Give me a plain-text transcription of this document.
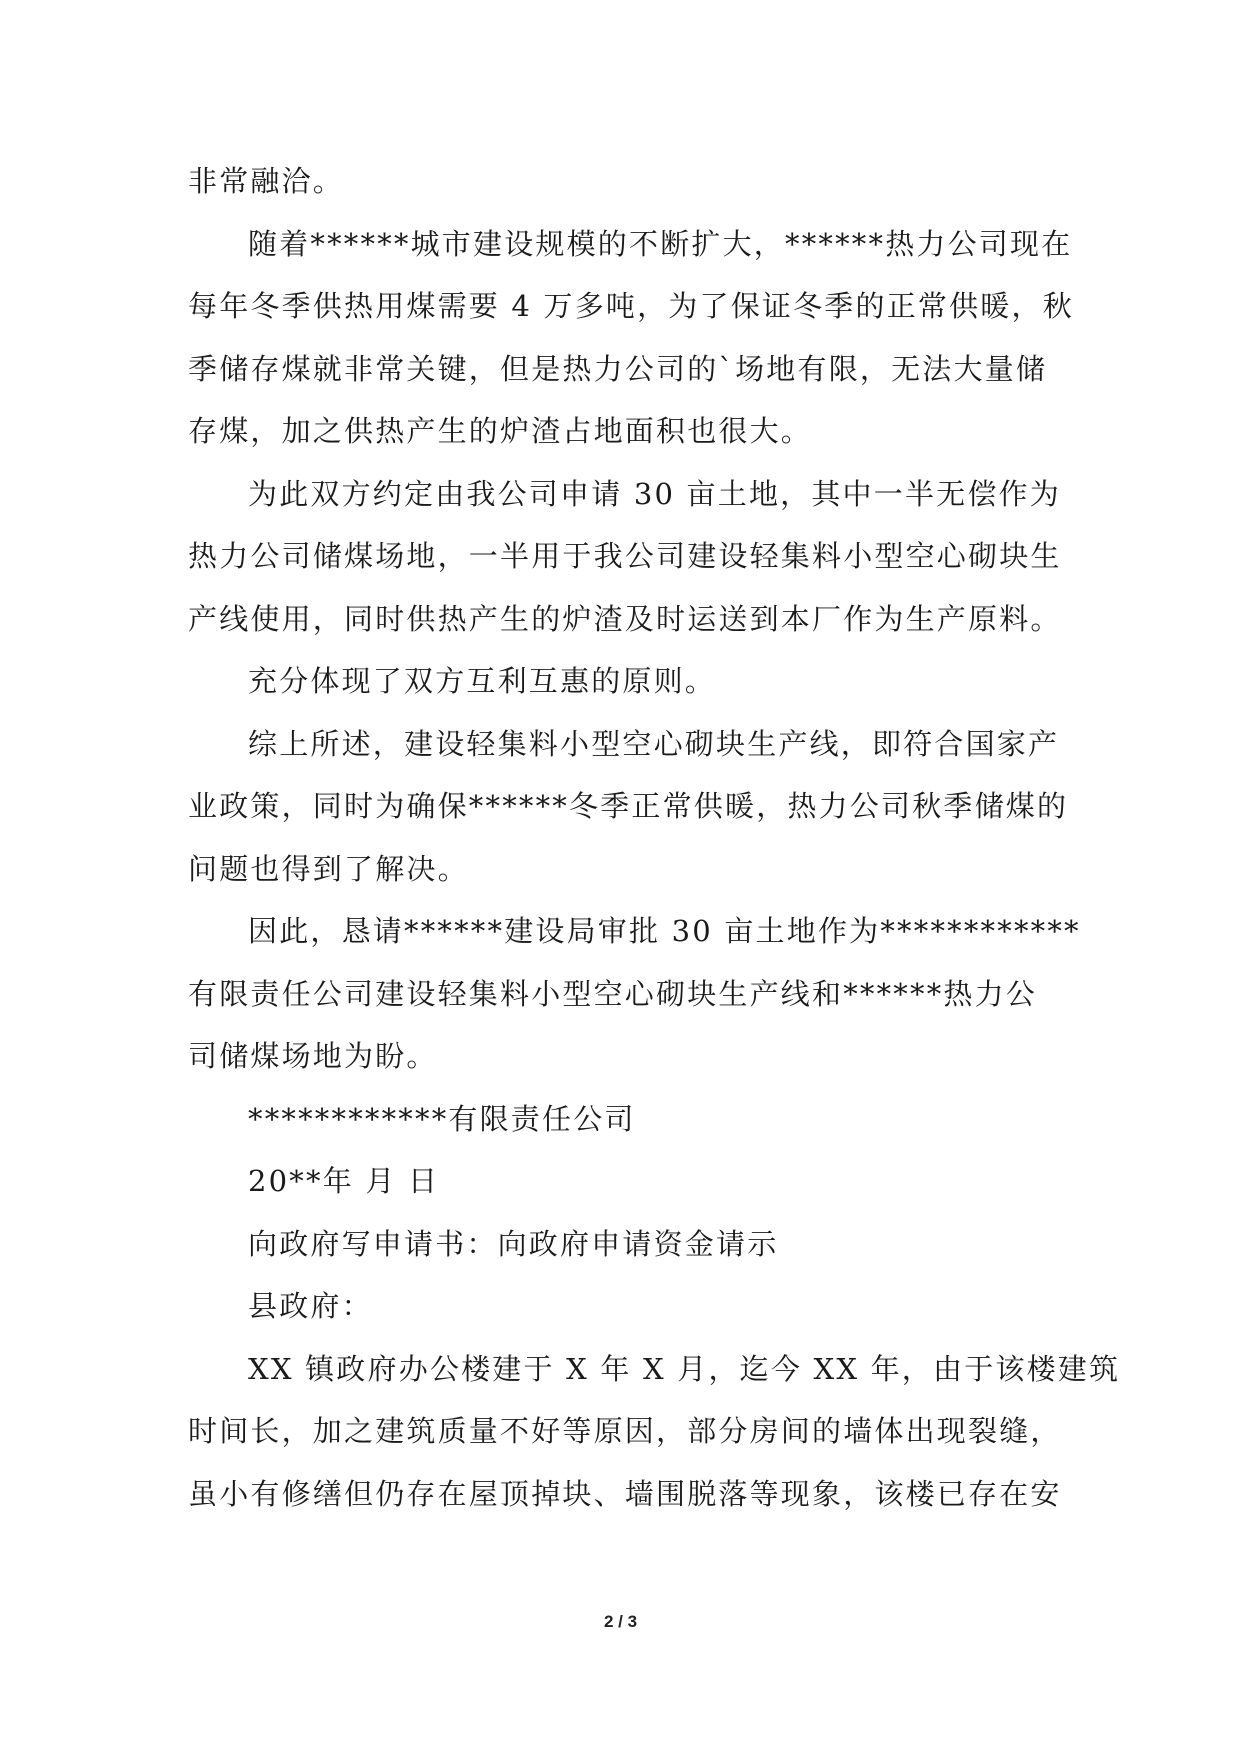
非常融洽。
随着******城市建设规模的不断扩大，******热力公司现在
每年冬季供热用煤需要 4 万多吨，为了保证冬季的正常供暖，秋
季储存煤就非常关键，但是热力公司的`场地有限，无法大量储
存煤，加之供热产生的炉渣占地面积也很大。
为此双方约定由我公司申请 30 亩土地，其中一半无偿作为
热力公司储煤场地，一半用于我公司建设轻集料小型空心砌块生
产线使用，同时供热产生的炉渣及时运送到本厂作为生产原料。
充分体现了双方互利互惠的原则。
综上所述，建设轻集料小型空心砌块生产线，即符合国家产
业政策，同时为确保******冬季正常供暖，热力公司秋季储煤的
问题也得到了解决。
因此，恳请******建设局审批 30 亩土地作为************
有限责任公司建设轻集料小型空心砌块生产线和******热力公
司储煤场地为盼。
************有限责任公司
20**年 月 日
向政府写申请书：向政府申请资金请示
县政府：
XX 镇政府办公楼建于 X 年 X 月，迄今 XX 年，由于该楼建筑
时间长，加之建筑质量不好等原因，部分房间的墙体出现裂缝，
虽小有修缮但仍存在屋顶掉块、墙围脱落等现象，该楼已存在安
2 / 3
